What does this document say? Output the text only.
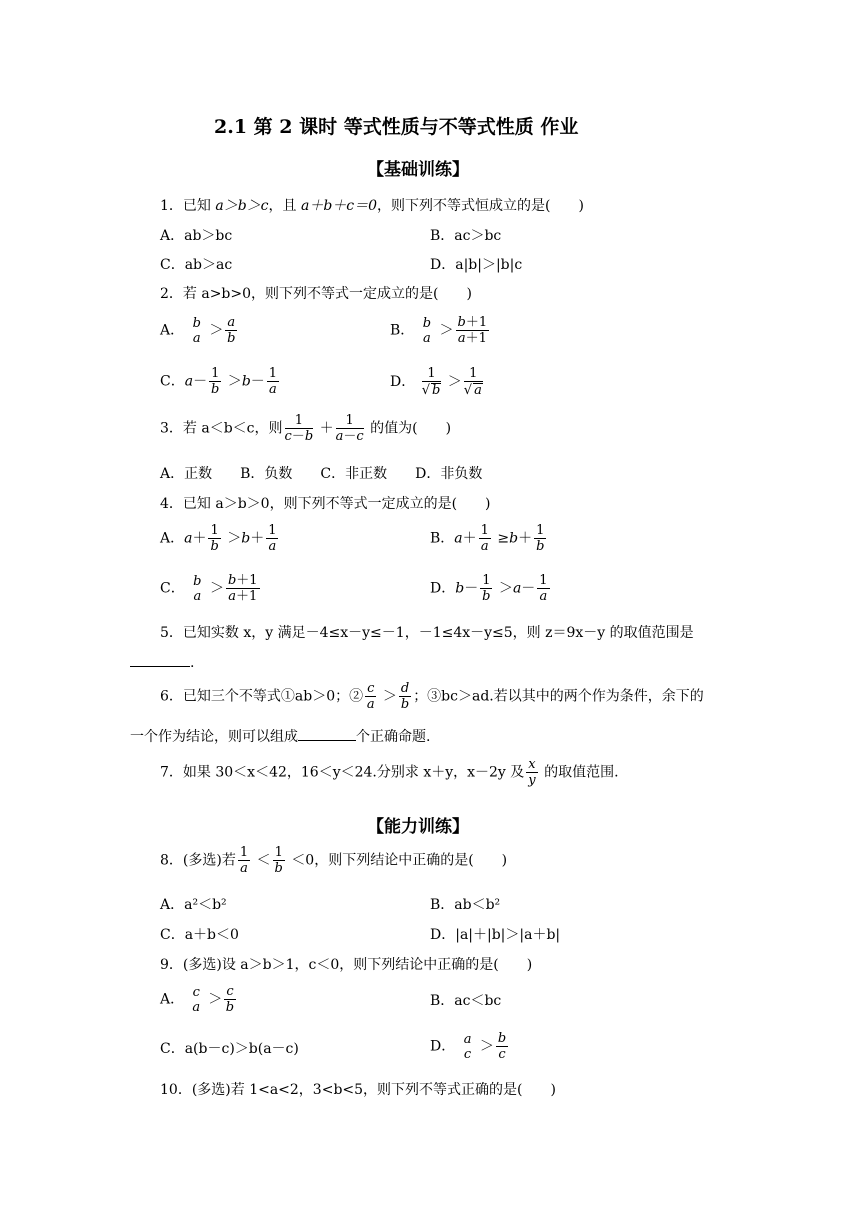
2.1 第 2 课时 等式性质与不等式性质 作业
【基础训练】
1．已知 a＞b＞c，且 a＋b＋c＝0，则下列不等式恒成立的是(　　)
A．ab＞bc	B．ac＞bc
C．ab＞ac	D．a|b|＞|b|c
2．若 a>b>0，则下列不等式一定成立的是(　　)
A． b
$a > \frac{a}{b}$	B． b
$a > \frac{b+1}{a+1}$
C．$a- \frac{1}{b} >b- \frac{1}{a}$	D． $\frac{1}{√ b} > \frac{1}{√ a}$
3．若 a＜b＜c，则 $\frac{1}{c-b} + \frac{1}{a-c}$ 的值为(　　)
A．正数　　B．负数　　C．非正数　　D．非负数
4．已知 a＞b＞0，则下列不等式一定成立的是(　　)
A．$a+ \frac{1}{b} >b+ \frac{1}{a}$	B．$a+ \frac{1}{a} \ge b+ \frac{1}{b}$
C． b
$a > \frac{b+1}{a+1}$	D．$b- \frac{1}{b} >a- \frac{1}{a}$
5．已知实数 x，y 满足－4≤x－y≤－1，－1≤4x－y≤5，则 z＝9x－y 的取值范围是
.
6．已知三个不等式①ab＞0；② $\frac{c}{a} > \frac{d}{b}$ ；③bc＞ad.若以其中的两个作为条件，余下的
一个作为结论，则可以组成	个正确命题.
7．如果 30＜x＜42，16＜y＜24.分别求 x＋y，x－2y 及 $\frac{x}{y}$ 的取值范围.
【能力训练】
8．(多选)若 $\frac{1}{a} < \frac{1}{b} <0$，则下列结论中正确的是(　　)
A．a²＜b²	B．ab＜b²
C．a＋b＜0	D．|a|＋|b|＞|a＋b|
9．(多选)设 a＞b＞1，c＜0，则下列结论中正确的是(　　)
A． c
$a > \frac{c}{b}$	B．ac＜bc
C．a(b－c)＞b(a－c)	D． a
$c > \frac{b}{c}$
10．(多选)若 1<a<2，3<b<5，则下列不等式正确的是(　　)
